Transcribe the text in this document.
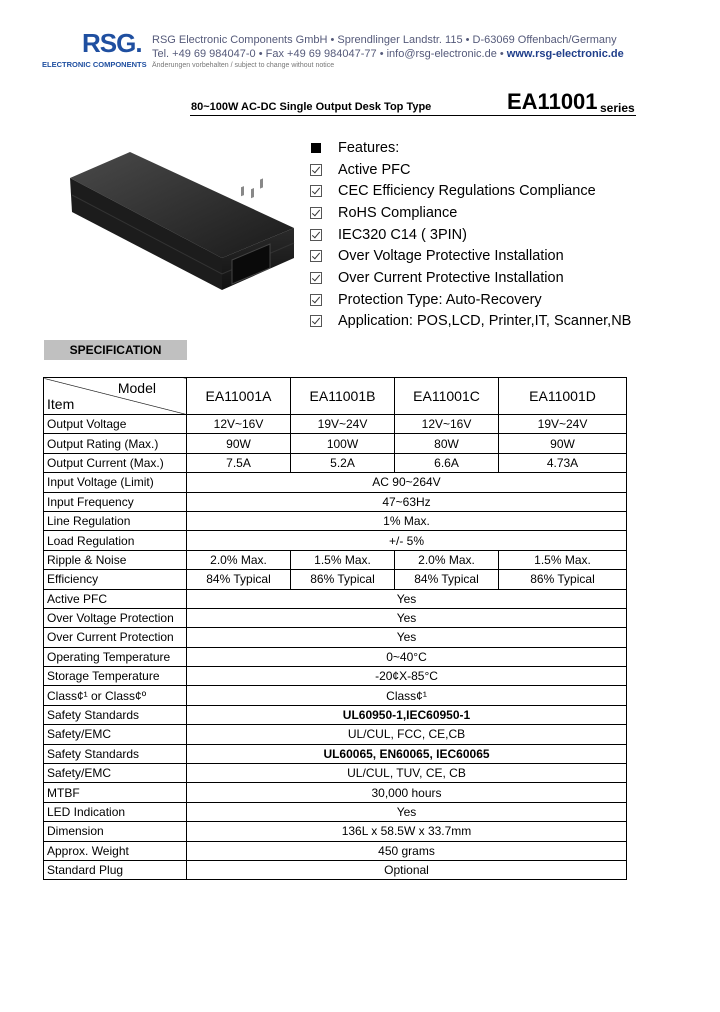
RSG.
ELECTRONIC COMPONENTS
RSG Electronic Components GmbH • Sprendlinger Landstr. 115 • D-63069 Offenbach/Germany
Tel. +49 69 984047-0 • Fax +49 69 984047-77 • info@rsg-electronic.de • www.rsg-electronic.de
Änderungen vorbehalten / subject to change without notice
80~100W AC-DC Single Output Desk Top Type	EA11001 series
Features:
Active PFC
CEC Efficiency Regulations Compliance
RoHS Compliance
IEC320 C14 ( 3PIN)
Over Voltage Protective Installation
Over Current Protective Installation
Protection Type: Auto-Recovery
Application: POS,LCD, Printer,IT, Scanner,NB
SPECIFICATION
Model
Item	EA11001A	EA11001B	EA11001C	EA11001D
Output Voltage	12V~16V	19V~24V	12V~16V	19V~24V
Output Rating (Max.)	90W	100W	80W	90W
Output Current (Max.)	7.5A	5.2A	6.6A	4.73A
Input Voltage (Limit)	AC 90~264V			
Input Frequency	47~63Hz			
Line Regulation	1% Max.			
Load Regulation	+/- 5%			
Ripple & Noise	2.0% Max.	1.5% Max.	2.0% Max.	1.5% Max.
Efficiency	84% Typical	86% Typical	84% Typical	86% Typical
Active PFC	Yes			
Over Voltage Protection	Yes			
Over Current Protection	Yes			
Operating Temperature	0~40°C			
Storage Temperature	-20¢X-85°C			
Class¢¹ or Class¢º	Class¢¹			
Safety Standards	UL60950-1,IEC60950-1			
Safety/EMC	UL/CUL, FCC, CE,CB			
Safety Standards	UL60065, EN60065, IEC60065			
Safety/EMC	UL/CUL, TUV, CE, CB			
MTBF	30,000 hours			
LED Indication	Yes			
Dimension	136L x 58.5W x 33.7mm			
Approx. Weight	450 grams			
Standard Plug	Optional			
